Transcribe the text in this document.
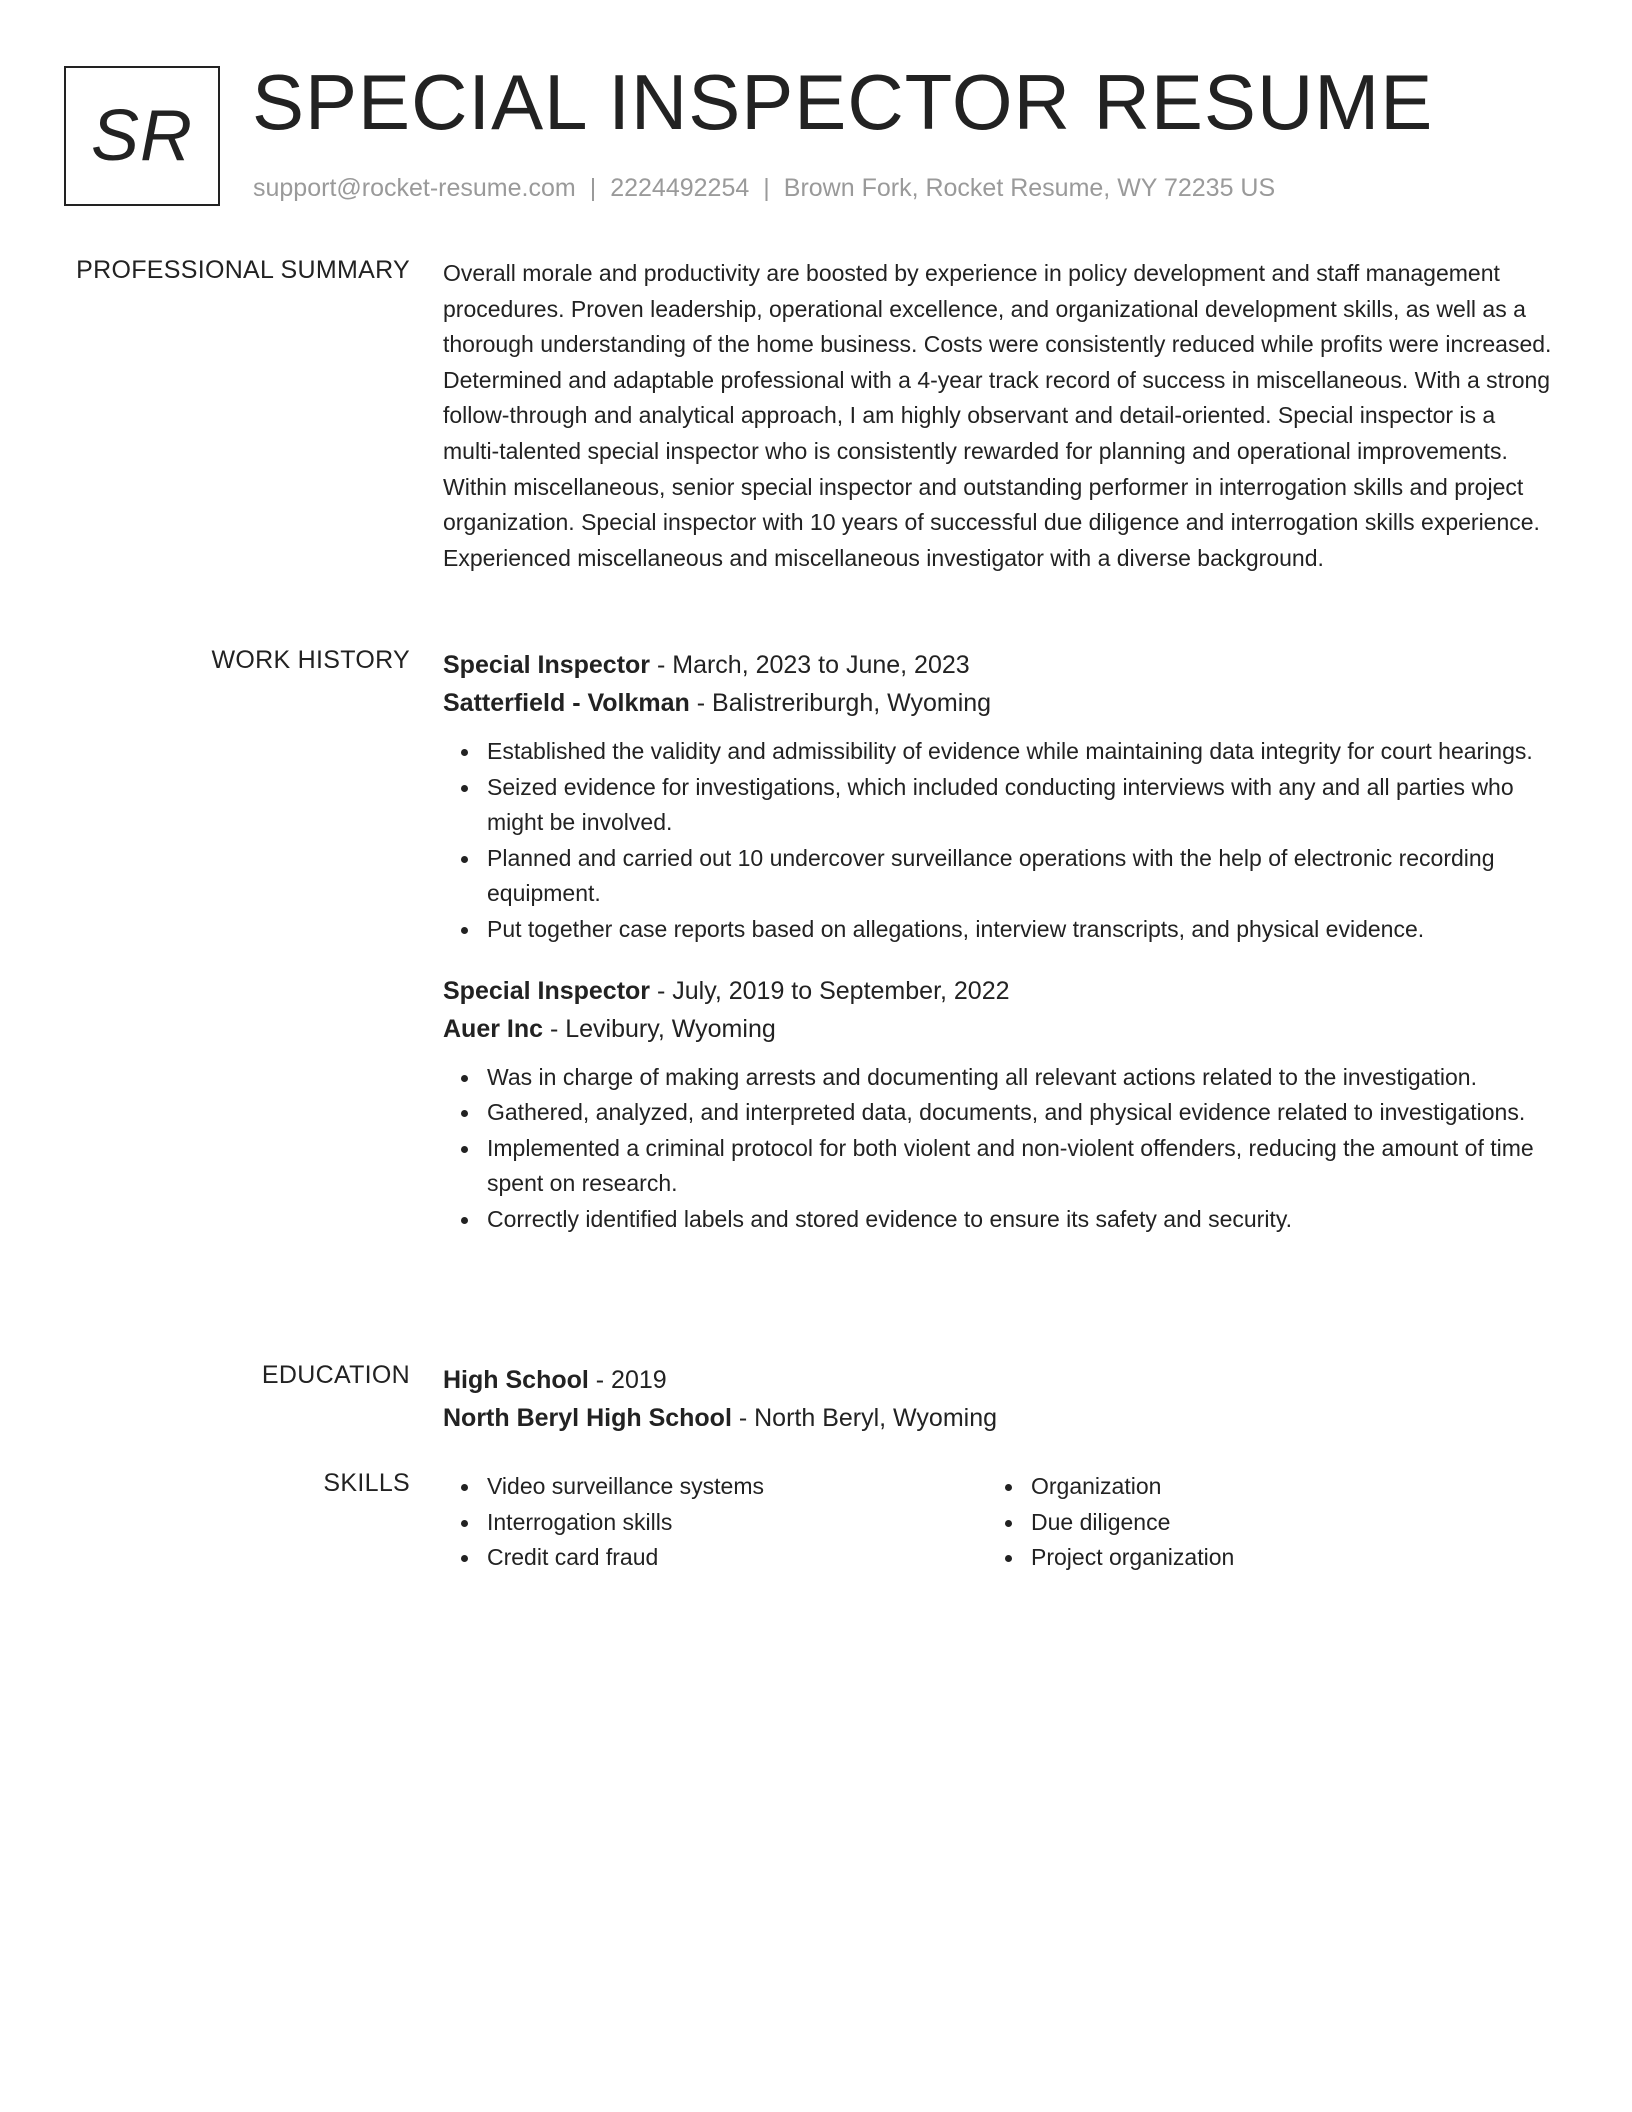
SR SPECIAL INSPECTOR RESUME
support@rocket-resume.com | 2224492254 | Brown Fork, Rocket Resume, WY 72235 US
PROFESSIONAL SUMMARY Overall morale and productivity are boosted by experience in policy development and staff management procedures. Proven leadership, operational excellence, and organizational development skills, as well as a thorough understanding of the home business. Costs were consistently reduced while profits were increased. Determined and adaptable professional with a 4-year track record of success in miscellaneous. With a strong follow-through and analytical approach, I am highly observant and detail-oriented. Special inspector is a multi-talented special inspector who is consistently rewarded for planning and operational improvements. Within miscellaneous, senior special inspector and outstanding performer in interrogation skills and project organization. Special inspector with 10 years of successful due diligence and interrogation skills experience. Experienced miscellaneous and miscellaneous investigator with a diverse background.

WORK HISTORY Special Inspector - March, 2023 to June, 2023
Satterfield - Volkman - Balistreriburgh, Wyoming
Established the validity and admissibility of evidence while maintaining data integrity for court hearings.
Seized evidence for investigations, which included conducting interviews with any and all parties who might be involved.
Planned and carried out 10 undercover surveillance operations with the help of electronic recording equipment.
Put together case reports based on allegations, interview transcripts, and physical evidence.
Special Inspector - July, 2019 to September, 2022
Auer Inc - Levibury, Wyoming
Was in charge of making arrests and documenting all relevant actions related to the investigation.
Gathered, analyzed, and interpreted data, documents, and physical evidence related to investigations.
Implemented a criminal protocol for both violent and non-violent offenders, reducing the amount of time spent on research.
Correctly identified labels and stored evidence to ensure its safety and security.
EDUCATION High School - 2019
North Beryl High School - North Beryl, Wyoming
SKILLS	Video surveillance systems
Interrogation skills
Credit card fraud
Organization
Due diligence
Project organization
